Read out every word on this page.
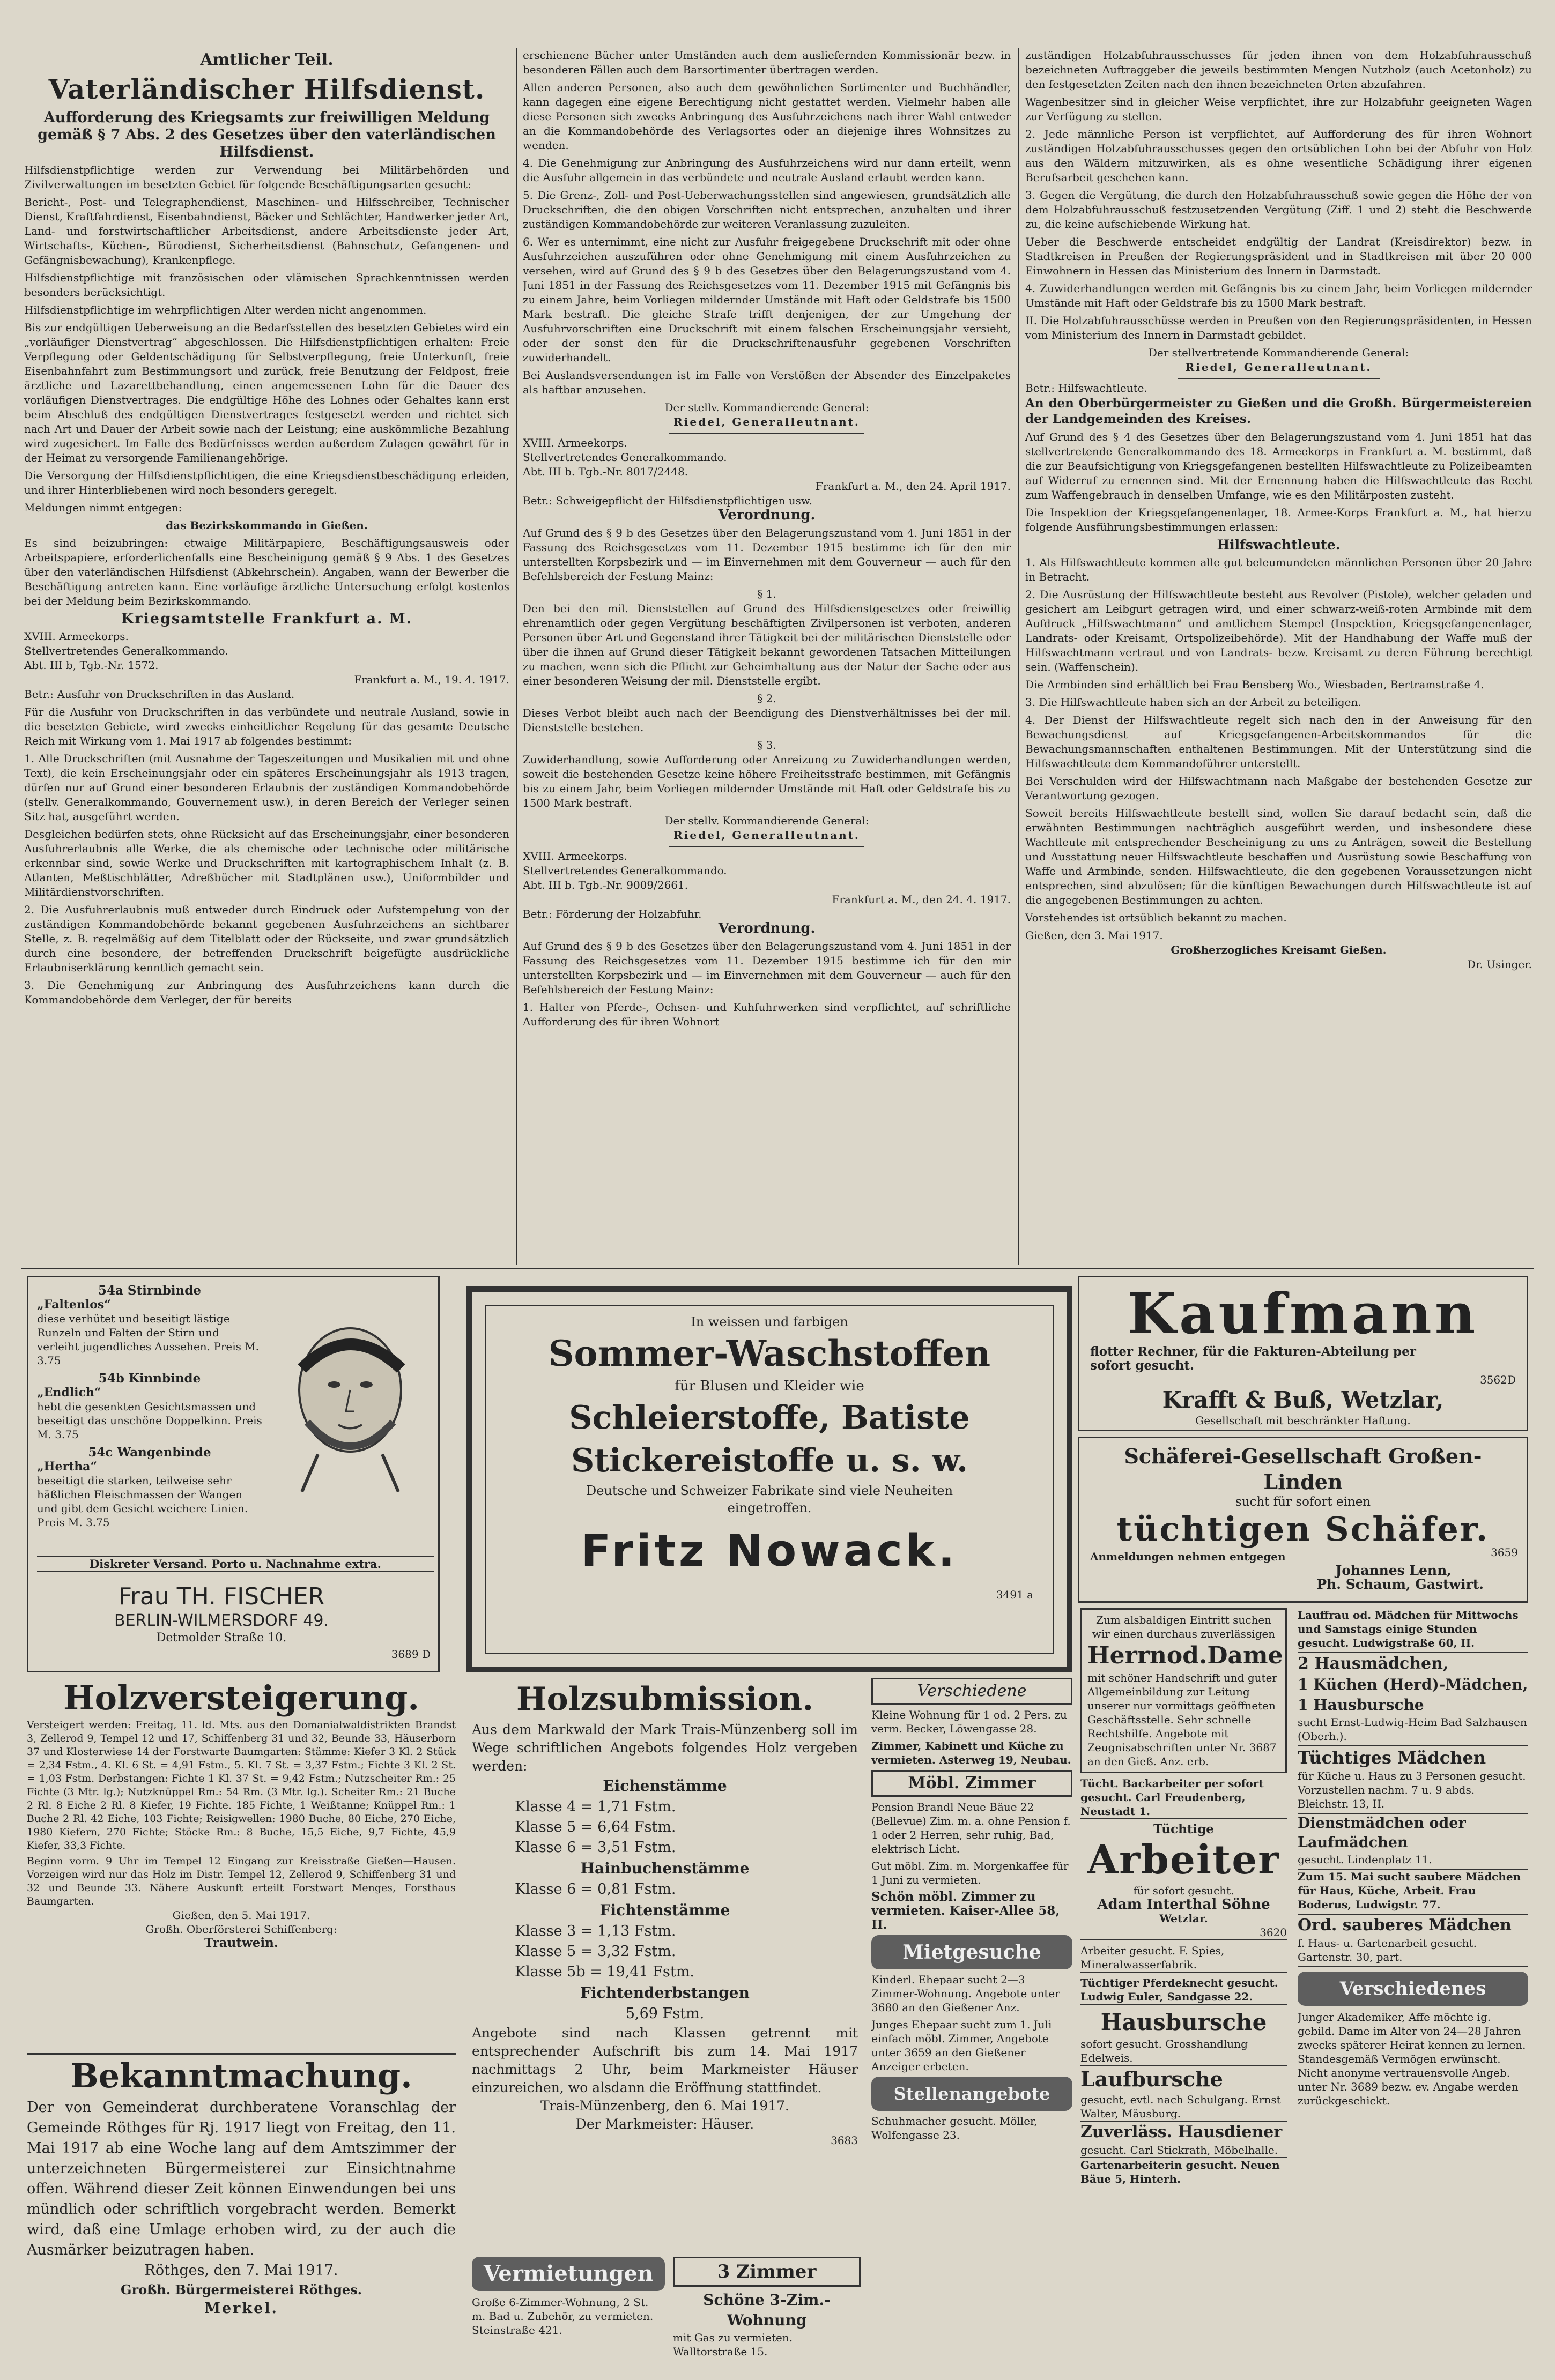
Amtlicher Teil.
Vaterländischer Hilfsdienst.
Aufforderung des Kriegsamts zur freiwilligen Meldung gemäß § 7 Abs. 2 des Gesetzes über den vaterländischen Hilfsdienst.

Hilfsdienstpflichtige werden zur Verwendung bei Militärbehörden und Zivilverwaltungen im besetzten Gebiet für folgende Beschäftigungsarten gesucht:

Bericht-, Post- und Telegraphendienst, Maschinen- und Hilfsschreiber, Technischer Dienst, Kraftfahrdienst, Eisenbahndienst, Bäcker und Schlächter, Handwerker jeder Art, Land- und forstwirtschaftlicher Arbeitsdienst, andere Arbeitsdienste jeder Art, Wirtschafts-, Küchen-, Bürodienst, Sicherheitsdienst (Bahnschutz, Gefangenen- und Gefängnisbewachung), Krankenpflege.

Hilfsdienstpflichtige mit französischen oder vlämischen Sprachkenntnissen werden besonders berücksichtigt.

Hilfsdienstpflichtige im wehrpflichtigen Alter werden nicht angenommen.

Bis zur endgültigen Ueberweisung an die Bedarfsstellen des besetzten Gebietes wird ein „vorläufiger Dienstvertrag“ abgeschlossen. Die Hilfsdienstpflichtigen erhalten: Freie Verpflegung oder Geldentschädigung für Selbstverpflegung, freie Unterkunft, freie Eisenbahnfahrt zum Bestimmungsort und zurück, freie Benutzung der Feldpost, freie ärztliche und Lazarettbehandlung, einen angemessenen Lohn für die Dauer des vorläufigen Dienstvertrages. Die endgültige Höhe des Lohnes oder Gehaltes kann erst beim Abschluß des endgültigen Dienstvertrages festgesetzt werden und richtet sich nach Art und Dauer der Arbeit sowie nach der Leistung; eine auskömmliche Bezahlung wird zugesichert. Im Falle des Bedürfnisses werden außerdem Zulagen gewährt für in der Heimat zu versorgende Familienangehörige.

Die Versorgung der Hilfsdienstpflichtigen, die eine Kriegsdienstbeschädigung erleiden, und ihrer Hinterbliebenen wird noch besonders geregelt.

Meldungen nimmt entgegen:

das Bezirkskommando in Gießen.

Es sind beizubringen: etwaige Militärpapiere, Beschäftigungsausweis oder Arbeitspapiere, erforderlichenfalls eine Bescheinigung gemäß § 9 Abs. 1 des Gesetzes über den vaterländischen Hilfsdienst (Abkehrschein). Angaben, wann der Bewerber die Beschäftigung antreten kann. Eine vorläufige ärztliche Untersuchung erfolgt kostenlos bei der Meldung beim Bezirkskommando.

Kriegsamtstelle Frankfurt a. M.

XVIII. Armeekorps.

Stellvertretendes Generalkommando.

Abt. III b, Tgb.-Nr. 1572.

Frankfurt a. M., 19. 4. 1917.

Betr.: Ausfuhr von Druckschriften in das Ausland.

Für die Ausfuhr von Druckschriften in das verbündete und neutrale Ausland, sowie in die besetzten Gebiete, wird zwecks einheitlicher Regelung für das gesamte Deutsche Reich mit Wirkung vom 1. Mai 1917 ab folgendes bestimmt:

1. Alle Druckschriften (mit Ausnahme der Tageszeitungen und Musikalien mit und ohne Text), die kein Erscheinungsjahr oder ein späteres Erscheinungsjahr als 1913 tragen, dürfen nur auf Grund einer besonderen Erlaubnis der zuständigen Kommandobehörde (stellv. Generalkommando, Gouvernement usw.), in deren Bereich der Verleger seinen Sitz hat, ausgeführt werden.

Desgleichen bedürfen stets, ohne Rücksicht auf das Erscheinungsjahr, einer besonderen Ausfuhrerlaubnis alle Werke, die als chemische oder technische oder militärische erkennbar sind, sowie Werke und Druckschriften mit kartographischem Inhalt (z. B. Atlanten, Meßtischblätter, Adreßbücher mit Stadtplänen usw.), Uniformbilder und Militärdienstvorschriften.

2. Die Ausfuhrerlaubnis muß entweder durch Eindruck oder Aufstempelung von der zuständigen Kommandobehörde bekannt gegebenen Ausfuhrzeichens an sichtbarer Stelle, z. B. regelmäßig auf dem Titelblatt oder der Rückseite, und zwar grundsätzlich durch eine besondere, der betreffenden Druckschrift beigefügte ausdrückliche Erlaubniserklärung kenntlich gemacht sein.

3. Die Genehmigung zur Anbringung des Ausfuhrzeichens kann durch die Kommandobehörde dem Verleger, der für bereits

erschienene Bücher unter Umständen auch dem ausliefernden Kommissionär bezw. in besonderen Fällen auch dem Barsortimenter übertragen werden.

Allen anderen Personen, also auch dem gewöhnlichen Sortimenter und Buchhändler, kann dagegen eine eigene Berechtigung nicht gestattet werden. Vielmehr haben alle diese Personen sich zwecks Anbringung des Ausfuhrzeichens nach ihrer Wahl entweder an die Kommandobehörde des Verlagsortes oder an diejenige ihres Wohnsitzes zu wenden.

4. Die Genehmigung zur Anbringung des Ausfuhrzeichens wird nur dann erteilt, wenn die Ausfuhr allgemein in das verbündete und neutrale Ausland erlaubt werden kann.

5. Die Grenz-, Zoll- und Post-Ueberwachungsstellen sind angewiesen, grundsätzlich alle Druckschriften, die den obigen Vorschriften nicht entsprechen, anzuhalten und ihrer zuständigen Kommandobehörde zur weiteren Veranlassung zuzuleiten.

6. Wer es unternimmt, eine nicht zur Ausfuhr freigegebene Druckschrift mit oder ohne Ausfuhrzeichen auszuführen oder ohne Genehmigung mit einem Ausfuhrzeichen zu versehen, wird auf Grund des § 9 b des Gesetzes über den Belagerungszustand vom 4. Juni 1851 in der Fassung des Reichsgesetzes vom 11. Dezember 1915 mit Gefängnis bis zu einem Jahre, beim Vorliegen mildernder Umstände mit Haft oder Geldstrafe bis 1500 Mark bestraft. Die gleiche Strafe trifft denjenigen, der zur Umgehung der Ausfuhrvorschriften eine Druckschrift mit einem falschen Erscheinungsjahr versieht, oder der sonst den für die Druckschriftenausfuhr gegebenen Vorschriften zuwiderhandelt.

Bei Auslandsversendungen ist im Falle von Verstößen der Absender des Einzelpaketes als haftbar anzusehen.

Der stellv. Kommandierende General:

Riedel, Generalleutnant.

XVIII. Armeekorps.

Stellvertretendes Generalkommando.

Abt. III b. Tgb.-Nr. 8017/2448.

Frankfurt a. M., den 24. April 1917.

Betr.: Schweigepflicht der Hilfsdienstpflichtigen usw.

Verordnung.

Auf Grund des § 9 b des Gesetzes über den Belagerungszustand vom 4. Juni 1851 in der Fassung des Reichsgesetzes vom 11. Dezember 1915 bestimme ich für den mir unterstellten Korpsbezirk und — im Einvernehmen mit dem Gouverneur — auch für den Befehlsbereich der Festung Mainz:

§ 1.

Den bei den mil. Dienststellen auf Grund des Hilfsdienstgesetzes oder freiwillig ehrenamtlich oder gegen Vergütung beschäftigten Zivilpersonen ist verboten, anderen Personen über Art und Gegenstand ihrer Tätigkeit bei der militärischen Dienststelle oder über die ihnen auf Grund dieser Tätigkeit bekannt gewordenen Tatsachen Mitteilungen zu machen, wenn sich die Pflicht zur Geheimhaltung aus der Natur der Sache oder aus einer besonderen Weisung der mil. Dienststelle ergibt.

§ 2.

Dieses Verbot bleibt auch nach der Beendigung des Dienstverhältnisses bei der mil. Dienststelle bestehen.

§ 3.

Zuwiderhandlung, sowie Aufforderung oder Anreizung zu Zuwiderhandlungen werden, soweit die bestehenden Gesetze keine höhere Freiheitsstrafe bestimmen, mit Gefängnis bis zu einem Jahr, beim Vorliegen mildernder Umstände mit Haft oder Geldstrafe bis zu 1500 Mark bestraft.

Der stellv. Kommandierende General:

Riedel, Generalleutnant.

XVIII. Armeekorps.

Stellvertretendes Generalkommando.

Abt. III b. Tgb.-Nr. 9009/2661.

Frankfurt a. M., den 24. 4. 1917.

Betr.: Förderung der Holzabfuhr.

Verordnung.

Auf Grund des § 9 b des Gesetzes über den Belagerungszustand vom 4. Juni 1851 in der Fassung des Reichsgesetzes vom 11. Dezember 1915 bestimme ich für den mir unterstellten Korpsbezirk und — im Einvernehmen mit dem Gouverneur — auch für den Befehlsbereich der Festung Mainz:

1. Halter von Pferde-, Ochsen- und Kuhfuhrwerken sind verpflichtet, auf schriftliche Aufforderung des für ihren Wohnort

zuständigen Holzabfuhrausschusses für jeden ihnen von dem Holzabfuhrausschuß bezeichneten Auftraggeber die jeweils bestimmten Mengen Nutzholz (auch Acetonholz) zu den festgesetzten Zeiten nach den ihnen bezeichneten Orten abzufahren.

Wagenbesitzer sind in gleicher Weise verpflichtet, ihre zur Holzabfuhr geeigneten Wagen zur Verfügung zu stellen.

2. Jede männliche Person ist verpflichtet, auf Aufforderung des für ihren Wohnort zuständigen Holzabfuhrausschusses gegen den ortsüblichen Lohn bei der Abfuhr von Holz aus den Wäldern mitzuwirken, als es ohne wesentliche Schädigung ihrer eigenen Berufsarbeit geschehen kann.

3. Gegen die Vergütung, die durch den Holzabfuhrausschuß sowie gegen die Höhe der von dem Holzabfuhrausschuß festzusetzenden Vergütung (Ziff. 1 und 2) steht die Beschwerde zu, die keine aufschiebende Wirkung hat.

Ueber die Beschwerde entscheidet endgültig der Landrat (Kreisdirektor) bezw. in Stadtkreisen in Preußen der Regierungspräsident und in Stadtkreisen mit über 20 000 Einwohnern in Hessen das Ministerium des Innern in Darmstadt.

4. Zuwiderhandlungen werden mit Gefängnis bis zu einem Jahr, beim Vorliegen mildernder Umstände mit Haft oder Geldstrafe bis zu 1500 Mark bestraft.

II. Die Holzabfuhrausschüsse werden in Preußen von den Regierungspräsidenten, in Hessen vom Ministerium des Innern in Darmstadt gebildet.

Der stellvertretende Kommandierende General:

Riedel, Generalleutnant.

Betr.: Hilfswachtleute.

An den Oberbürgermeister zu Gießen und die Großh. Bürgermeistereien der Landgemeinden des Kreises.

Auf Grund des § 4 des Gesetzes über den Belagerungszustand vom 4. Juni 1851 hat das stellvertretende Generalkommando des 18. Armeekorps in Frankfurt a. M. bestimmt, daß die zur Beaufsichtigung von Kriegsgefangenen bestellten Hilfswachtleute zu Polizeibeamten auf Widerruf zu ernennen sind. Mit der Ernennung haben die Hilfswachtleute das Recht zum Waffengebrauch in denselben Umfange, wie es den Militärposten zusteht.

Die Inspektion der Kriegsgefangenenlager, 18. Armee-Korps Frankfurt a. M., hat hierzu folgende Ausführungsbestimmungen erlassen:

Hilfswachtleute.

1. Als Hilfswachtleute kommen alle gut beleumundeten männlichen Personen über 20 Jahre in Betracht.

2. Die Ausrüstung der Hilfswachtleute besteht aus Revolver (Pistole), welcher geladen und gesichert am Leibgurt getragen wird, und einer schwarz-weiß-roten Armbinde mit dem Aufdruck „Hilfswachtmann“ und amtlichem Stempel (Inspektion, Kriegsgefangenenlager, Landrats- oder Kreisamt, Ortspolizeibehörde). Mit der Handhabung der Waffe muß der Hilfswachtmann vertraut und von Landrats- bezw. Kreisamt zu deren Führung berechtigt sein. (Waffenschein).

Die Armbinden sind erhältlich bei Frau Bensberg Wo., Wiesbaden, Bertramstraße 4.

3. Die Hilfswachtleute haben sich an der Arbeit zu beteiligen.

4. Der Dienst der Hilfswachtleute regelt sich nach den in der Anweisung für den Bewachungsdienst auf Kriegsgefangenen-Arbeitskommandos für die Bewachungsmannschaften enthaltenen Bestimmungen. Mit der Unterstützung sind die Hilfswachtleute dem Kommandoführer unterstellt.

Bei Verschulden wird der Hilfswachtmann nach Maßgabe der bestehenden Gesetze zur Verantwortung gezogen.

Soweit bereits Hilfswachtleute bestellt sind, wollen Sie darauf bedacht sein, daß die erwähnten Bestimmungen nachträglich ausgeführt werden, und insbesondere diese Wachtleute mit entsprechender Bescheinigung zu uns zu Anträgen, soweit die Bestellung und Ausstattung neuer Hilfswachtleute beschaffen und Ausrüstung sowie Beschaffung von Waffe und Armbinde, senden. Hilfswachtleute, die den gegebenen Voraussetzungen nicht entsprechen, sind abzulösen; für die künftigen Bewachungen durch Hilfswachtleute ist auf die angegebenen Bestimmungen zu achten.

Vorstehendes ist ortsüblich bekannt zu machen.

Gießen, den 3. Mai 1917.

Großherzogliches Kreisamt Gießen.

Dr. Usinger.

54a Stirnbinde

„Faltenlos“

diese verhütet und beseitigt lästige Runzeln und Falten der Stirn und verleiht jugendliches Aussehen. Preis M. 3.75

54b Kinnbinde

„Endlich“

hebt die gesenkten Gesichtsmassen und beseitigt das unschöne Doppelkinn. Preis M. 3.75

54c Wangenbinde

„Hertha“

beseitigt die starken, teilweise sehr häßlichen Fleischmassen der Wangen und gibt dem Gesicht weichere Linien. Preis M. 3.75

Diskreter Versand. Porto u. Nachnahme extra.

Frau TH. FISCHER

BERLIN-WILMERSDORF 49.

Detmolder Straße 10.

3689 D

In weissen und farbigen

Sommer-Waschstoffen

für Blusen und Kleider wie

Schleierstoffe, Batiste

Stickereistoffe u. s. w.

Deutsche und Schweizer Fabrikate sind viele Neuheiten eingetroffen.

Fritz Nowack.

3491 a

Kaufmann

flotter Rechner, für die Fakturen-Abteilung per sofort gesucht.

3562D

Krafft & Buß, Wetzlar,

Gesellschaft mit beschränkter Haftung.

Schäferei-Gesellschaft Großen-Linden

sucht für sofort einen

tüchtigen Schäfer.

Anmeldungen nehmen entgegen

Johannes Lenn,

Ph. Schaum, Gastwirt.

3659

Holzversteigerung.

Versteigert werden: Freitag, 11. ld. Mts. aus den Domanialwaldistrikten Brandst 3, Zellerod 9, Tempel 12 und 17, Schiffenberg 31 und 32, Beunde 33, Häuserborn 37 und Klosterwiese 14 der Forstwarte Baumgarten: Stämme: Kiefer 3 Kl. 2 Stück = 2,34 Fstm., 4. Kl. 6 St. = 4,91 Fstm., 5. Kl. 7 St. = 3,37 Fstm.; Fichte 3 Kl. 2 St. = 1,03 Fstm. Derbstangen: Fichte 1 Kl. 37 St. = 9,42 Fstm.; Nutzscheiter Rm.: 25 Fichte (3 Mtr. lg.); Nutzknüppel Rm.: 54 Rm. (3 Mtr. lg.). Scheiter Rm.: 21 Buche 2 Rl. 8 Eiche 2 Rl. 8 Kiefer, 19 Fichte. 185 Fichte, 1 Weißtanne; Knüppel Rm.: 1 Buche 2 Rl. 42 Eiche, 103 Fichte; Reisigwellen: 1980 Buche, 80 Eiche, 270 Eiche, 1980 Kiefern, 270 Fichte; Stöcke Rm.: 8 Buche, 15,5 Eiche, 9,7 Fichte, 45,9 Kiefer, 33,3 Fichte.

Beginn vorm. 9 Uhr im Tempel 12 Eingang zur Kreisstraße Gießen—Hausen. Vorzeigen wird nur das Holz im Distr. Tempel 12, Zellerod 9, Schiffenberg 31 und 32 und Beunde 33. Nähere Auskunft erteilt Forstwart Menges, Forsthaus Baumgarten.

Gießen, den 5. Mai 1917.

Großh. Oberförsterei Schiffenberg:

Trautwein.

Bekanntmachung.

Der von Gemeinderat durchberatene Voranschlag der Gemeinde Röthges für Rj. 1917 liegt von Freitag, den 11. Mai 1917 ab eine Woche lang auf dem Amtszimmer der unterzeichneten Bürgermeisterei zur Einsichtnahme offen. Während dieser Zeit können Einwendungen bei uns mündlich oder schriftlich vorgebracht werden. Bemerkt wird, daß eine Umlage erhoben wird, zu der auch die Ausmärker beizutragen haben.

Röthges, den 7. Mai 1917.

Großh. Bürgermeisterei Röthges.

Merkel.

Holzsubmission.

Aus dem Markwald der Mark Trais-Münzenberg soll im Wege schriftlichen Angebots folgendes Holz vergeben werden:

Eichenstämme

Klasse 4 = 1,71 Fstm.

Klasse 5 = 6,64 Fstm.

Klasse 6 = 3,51 Fstm.

Hainbuchenstämme

Klasse 6 = 0,81 Fstm.

Fichtenstämme

Klasse 3 = 1,13 Fstm.

Klasse 5 = 3,32 Fstm.

Klasse 5b = 19,41 Fstm.

Fichtenderbstangen

5,69 Fstm.

Angebote sind nach Klassen getrennt mit entsprechender Aufschrift bis zum 14. Mai 1917 nachmittags 2 Uhr, beim Markmeister Häuser einzureichen, wo alsdann die Eröffnung stattfindet.

Trais-Münzenberg, den 6. Mai 1917.

Der Markmeister: Häuser.

3683

Vermietungen

Große 6-Zimmer-Wohnung, 2 St. m. Bad u. Zubehör, zu vermieten. Steinstraße 421.

3 Zimmer

Schöne 3-Zim.-Wohnung

mit Gas zu vermieten. Walltorstraße 15.

Verschiedene

Kleine Wohnung für 1 od. 2 Pers. zu verm. Becker, Löwengasse 28.

Zimmer, Kabinett und Küche zu vermieten. Asterweg 19, Neubau.

Möbl. Zimmer

Pension Brandl Neue Bäue 22 (Bellevue) Zim. m. a. ohne Pension f. 1 oder 2 Herren, sehr ruhig, Bad, elektrisch Licht.

Gut möbl. Zim. m. Morgenkaffee für 1 Juni zu vermieten.

Schön möbl. Zimmer zu vermieten. Kaiser-Allee 58, II.

Mietgesuche

Kinderl. Ehepaar sucht 2—3 Zimmer-Wohnung. Angebote unter 3680 an den Gießener Anz.

Junges Ehepaar sucht zum 1. Juli einfach möbl. Zimmer, Angebote unter 3659 an den Gießener Anzeiger erbeten.

Stellenangebote

Schuhmacher gesucht. Möller, Wolfengasse 23.

Zum alsbaldigen Eintritt suchen wir einen durchaus zuverlässigen

Herrnod.Dame

mit schöner Handschrift und guter Allgemeinbildung zur Leitung unserer nur vormittags geöffneten Geschäftsstelle. Sehr schnelle Rechtshilfe. Angebote mit Zeugnisabschriften unter Nr. 3687 an den Gieß. Anz. erb.

Tücht. Backarbeiter per sofort gesucht. Carl Freudenberg, Neustadt 1.

Tüchtige

Arbeiter

für sofort gesucht.

Adam Interthal Söhne

Wetzlar.

3620

Arbeiter gesucht. F. Spies, Mineralwasserfabrik.

Tüchtiger Pferdeknecht gesucht. Ludwig Euler, Sandgasse 22.

Hausbursche

sofort gesucht. Grosshandlung Edelweis.

Laufbursche

gesucht, evtl. nach Schulgang. Ernst Walter, Mäusburg.

Zuverläss. Hausdiener

gesucht. Carl Stickrath, Möbelhalle.

Gartenarbeiterin gesucht. Neuen Bäue 5, Hinterh.

Lauffrau od. Mädchen für Mittwochs und Samstags einige Stunden gesucht. Ludwigstraße 60, II.

2 Hausmädchen,

1 Küchen (Herd)-Mädchen,

1 Hausbursche

sucht Ernst-Ludwig-Heim Bad Salzhausen (Oberh.).

Tüchtiges Mädchen

für Küche u. Haus zu 3 Personen gesucht. Vorzustellen nachm. 7 u. 9 abds. Bleichstr. 13, II.

Dienstmädchen oder Laufmädchen

gesucht. Lindenplatz 11.

Zum 15. Mai sucht saubere Mädchen für Haus, Küche, Arbeit. Frau Boderus, Ludwigstr. 77.

Ord. sauberes Mädchen

f. Haus- u. Gartenarbeit gesucht. Gartenstr. 30, part.

Verschiedenes

Junger Akademiker, Affe möchte ig. gebild. Dame im Alter von 24—28 Jahren zwecks späterer Heirat kennen zu lernen. Standesgemäß Vermögen erwünscht. Nicht anonyme vertrauensvolle Angeb. unter Nr. 3689 bezw. ev. Angabe werden zurückgeschickt.
